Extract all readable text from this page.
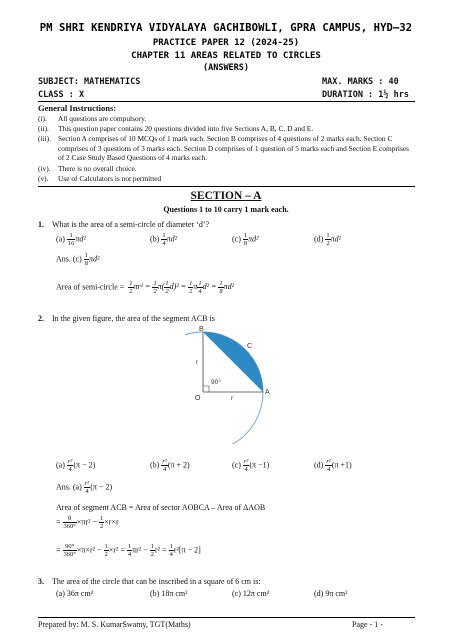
PM SHRI KENDRIYA VIDYALAYA GACHIBOWLI, GPRA CAMPUS, HYD–32
PRACTICE PAPER 12 (2024-25)
CHAPTER 11 AREAS RELATED TO CIRCLES
(ANSWERS)
SUBJECT: MATHEMATICS	MAX. MARKS : 40
CLASS : X	DURATION : 1½ hrs
General Instructions:
(i). All questions are compulsory.
(ii). This question paper contains 20 questions divided into five Sections A, B, C, D and E.
(iii). Section A comprises of 10 MCQs of 1 mark each. Section B comprises of 4 questions of 2 marks each. Section C comprises of 3 questions of 3 marks each. Section D comprises of 1 question of 5 marks each and Section E comprises of 2 Case Study Based Questions of 4 marks each.
(iv). There is no overall choice.
(v). Use of Calculators is not permitted
SECTION – A
Questions 1 to 10 carry 1 mark each.
1. What is the area of a semi-circle of diameter ‘d’?
$(a) \frac{1}{16} \pi d^2$	$(b) \frac{1}{4} \pi d^2$	$(c) \frac{1}{8} \pi d^2$	$(d) \frac{1}{2} \pi d^2$
Ans. $(c) \frac{1}{8} \pi d^2$
Area of semi-circle = $\frac{1}{2} \pi r^2 = \frac{1}{2} \pi( \frac{1}{2} d)^2 = \frac{1}{2}$ π $\frac{1}{4} d^2 = \frac{1}{8} \pi d^2$
2. In the given figure, the area of the segment ACB is
B
C
A
O
r
r
90°
$(a) \frac{\text{r²}}{4} (\pi - 2)$	$(b) \frac{\text{r²}}{4} (\pi + 2)$	$(c) \frac{\text{r²}}{4} (\pi -1)$	$(d) \frac{\text{r²}}{4} (\pi +1)$
Ans. $(a) \frac{\text{r²}}{4} (\pi - 2)$
Area of segment ACB = Area of sector AOBCA – Area of ΔAOB
= $\frac{\theta}{360^\circ} \times\pi r^2 - \frac{1}{2} \times r\times r$
= $\frac{90^\circ}{360^\circ} \times\pi\times r^2 - \frac{1}{2} \times r^2 = \frac{1}{4} \pi r^2 - \frac{1}{2} r^2 = \frac{1}{4} r^2[\pi - 2]$
3. The area of the circle that can be inscribed in a square of 6 cm is:
(a) 36π cm²	(b) 18π cm²	(c) 12π cm²	(d) 9π cm²
Prepared by: M. S. KumarSwamy, TGT(Maths)	Page - 1 -
